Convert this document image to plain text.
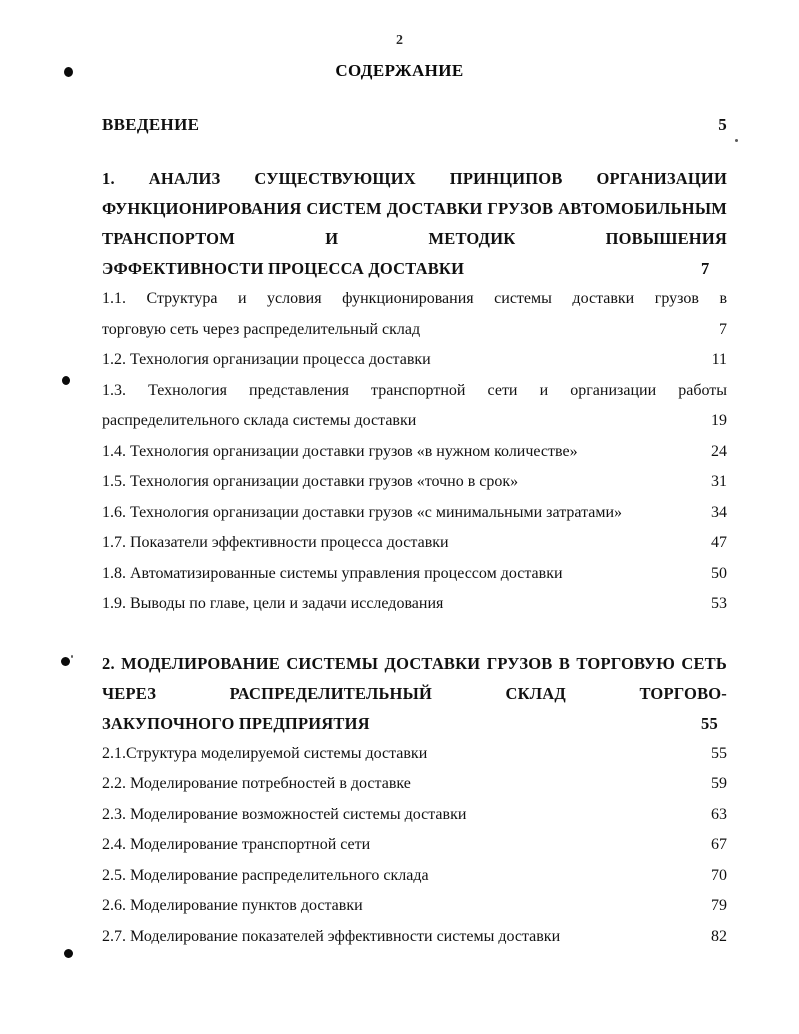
2
СОДЕРЖАНИЕ
ВВЕДЕНИЕ	5
1. АНАЛИЗ СУЩЕСТВУЮЩИХ ПРИНЦИПОВ ОРГАНИЗАЦИИ ФУНКЦИОНИРОВАНИЯ СИСТЕМ ДОСТАВКИ ГРУЗОВ АВТОМОБИЛЬНЫМ ТРАНСПОРТОМ И МЕТОДИК ПОВЫШЕНИЯ
ЭФФЕКТИВНОСТИ ПРОЦЕССА ДОСТАВКИ	7
1.1. Структура и условия функционирования системы доставки грузов в
торговую сеть через распределительный склад	7
1.2. Технология организации процесса доставки	11
1.3. Технология представления транспортной сети и организации работы
распределительного склада системы доставки	19
1.4. Технология организации доставки грузов «в нужном количестве»	24
1.5. Технология организации доставки грузов «точно в срок»	31
1.6. Технология организации доставки грузов «с минимальными затратами»	34
1.7. Показатели эффективности процесса доставки	47
1.8. Автоматизированные системы управления процессом доставки	50
1.9. Выводы по главе, цели и задачи исследования	53
2. МОДЕЛИРОВАНИЕ СИСТЕМЫ ДОСТАВКИ ГРУЗОВ В ТОРГОВУЮ СЕТЬ ЧЕРЕЗ РАСПРЕДЕЛИТЕЛЬНЫЙ СКЛАД ТОРГОВО-
ЗАКУПОЧНОГО ПРЕДПРИЯТИЯ	55
2.1.Структура моделируемой системы доставки	55
2.2. Моделирование потребностей в доставке	59
2.3. Моделирование возможностей системы доставки	63
2.4. Моделирование транспортной сети	67
2.5. Моделирование распределительного склада	70
2.6. Моделирование пунктов доставки	79
2.7. Моделирование показателей эффективности системы доставки	82
